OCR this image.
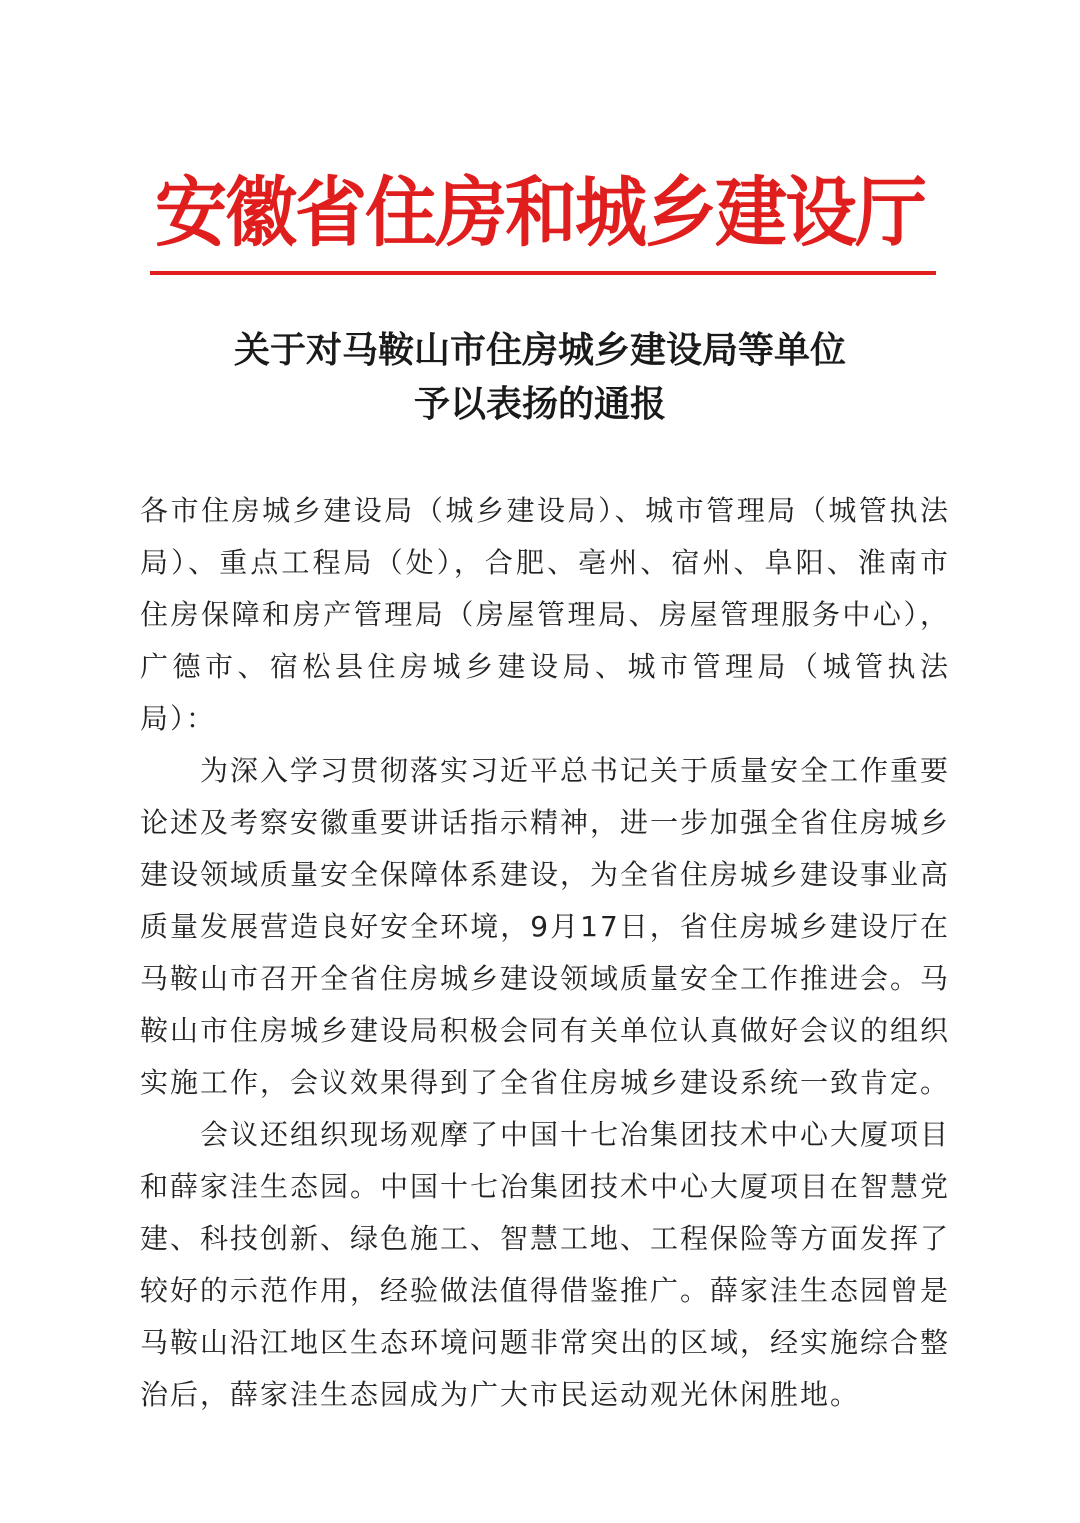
安徽省住房和城乡建设厅
关于对马鞍山市住房城乡建设局等单位
予以表扬的通报

各市住房城乡建设局（城乡建设局）、城市管理局（城管执法局）、重点工程局（处），合肥、亳州、宿州、阜阳、淮南市住房保障和房产管理局（房屋管理局、房屋管理服务中心），广德市、宿松县住房城乡建设局、城市管理局（城管执法局）：

为深入学习贯彻落实习近平总书记关于质量安全工作重要论述及考察安徽重要讲话指示精神，进一步加强全省住房城乡建设领域质量安全保障体系建设，为全省住房城乡建设事业高质量发展营造良好安全环境，9月17日，省住房城乡建设厅在马鞍山市召开全省住房城乡建设领域质量安全工作推进会。马鞍山市住房城乡建设局积极会同有关单位认真做好会议的组织实施工作，会议效果得到了全省住房城乡建设系统一致肯定。

会议还组织现场观摩了中国十七冶集团技术中心大厦项目和薛家洼生态园。中国十七冶集团技术中心大厦项目在智慧党建、科技创新、绿色施工、智慧工地、工程保险等方面发挥了较好的示范作用，经验做法值得借鉴推广。薛家洼生态园曾是马鞍山沿江地区生态环境问题非常突出的区域，经实施综合整治后，薛家洼生态园成为广大市民运动观光休闲胜地。
